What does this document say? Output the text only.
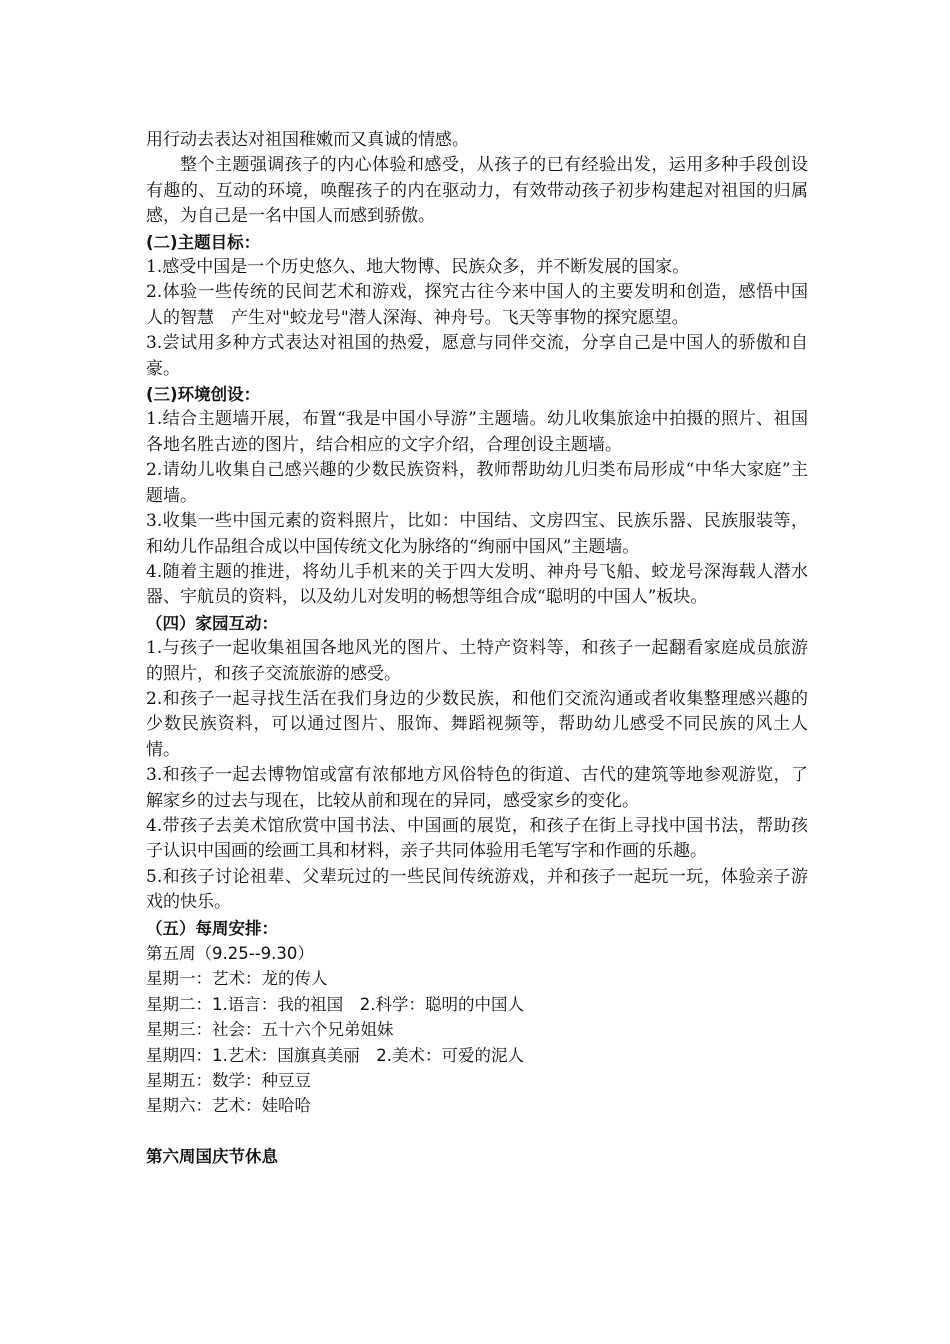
用行动去表达对祖国稚嫩而又真诚的情感。

整个主题强调孩子的内心体验和感受，从孩子的已有经验出发，运用多种手段创设有趣的、互动的环境，唤醒孩子的内在驱动力，有效带动孩子初步构建起对祖国的归属感，为自己是一名中国人而感到骄傲。

(二)主题目标：

1.感受中国是一个历史悠久、地大物博、民族众多，并不断发展的国家。

2.体验一些传统的民间艺术和游戏，探究古往今来中国人的主要发明和创造，感悟中国人的智慧　产生对"蛟龙号"潜人深海、神舟号。飞天等事物的探究愿望。

3.尝试用多种方式表达对祖国的热爱，愿意与同伴交流，分享自己是中国人的骄傲和自豪。

(三)环境创设：

1.结合主题墙开展，布置“我是中国小导游”主题墙。幼儿收集旅途中拍摄的照片、祖国各地名胜古迹的图片，结合相应的文字介绍，合理创设主题墙。

2.请幼儿收集自己感兴趣的少数民族资料，教师帮助幼儿归类布局形成“中华大家庭”主题墙。

3.收集一些中国元素的资料照片，比如：中国结、文房四宝、民族乐器、民族服装等，和幼儿作品组合成以中国传统文化为脉络的“绚丽中国风”主题墙。

4.随着主题的推进，将幼儿手机来的关于四大发明、神舟号飞船、蛟龙号深海载人潜水器、宇航员的资料，以及幼儿对发明的畅想等组合成“聪明的中国人”板块。

（四）家园互动：

1.与孩子一起收集祖国各地风光的图片、土特产资料等，和孩子一起翻看家庭成员旅游的照片，和孩子交流旅游的感受。

2.和孩子一起寻找生活在我们身边的少数民族，和他们交流沟通或者收集整理感兴趣的少数民族资料，可以通过图片、服饰、舞蹈视频等，帮助幼儿感受不同民族的风土人情。

3.和孩子一起去博物馆或富有浓郁地方风俗特色的街道、古代的建筑等地参观游览，了解家乡的过去与现在，比较从前和现在的异同，感受家乡的变化。

4.带孩子去美术馆欣赏中国书法、中国画的展览，和孩子在街上寻找中国书法，帮助孩子认识中国画的绘画工具和材料，亲子共同体验用毛笔写字和作画的乐趣。

5.和孩子讨论祖辈、父辈玩过的一些民间传统游戏，并和孩子一起玩一玩，体验亲子游戏的快乐。

（五）每周安排：

第五周（9.25--9.30）

星期一：艺术：龙的传人

星期二：1.语言：我的祖国　2.科学：聪明的中国人

星期三：社会：五十六个兄弟姐妹

星期四：1.艺术：国旗真美丽　2.美术：可爱的泥人

星期五：数学：种豆豆

星期六：艺术：娃哈哈

第六周国庆节休息
